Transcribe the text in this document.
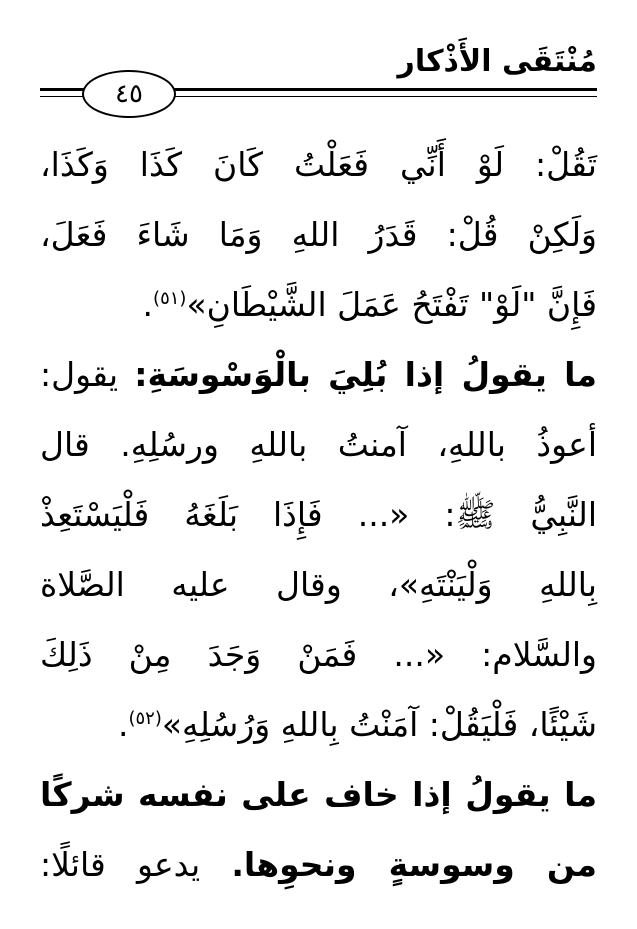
مُنْتَقَى الأَذْكار
٤٥
تَقُلْ: لَوْ أَنِّي فَعَلْتُ كَانَ كَذَا وَكَذَا،
وَلَكِنْ قُلْ: قَدَرُ اللهِ وَمَا شَاءَ فَعَلَ،
فَإِنَّ "لَوْ" تَفْتَحُ عَمَلَ الشَّيْطَانِ»$^{(٥١)}$.
ما يقولُ إذا بُلِيَ بالْوَسْوسَةِ: يقول:
أعوذُ باللهِ، آمنتُ باللهِ ورسُلِهِ. قال
النَّبِيُّ ﷺ: «... فَإِذَا بَلَغَهُ فَلْيَسْتَعِذْ
بِاللهِ وَلْيَنْتَهِ»، وقال عليه الصَّلاة
والسَّلام: «... فَمَنْ وَجَدَ مِنْ ذَلِكَ
شَيْئًا، فَلْيَقُلْ: آمَنْتُ بِاللهِ وَرُسُلِهِ»$^{(٥٢)}$.
ما يقولُ إذا خاف على نفسه شركًا
من وسوسةٍ ونحوِها. يدعو قائلًا:
